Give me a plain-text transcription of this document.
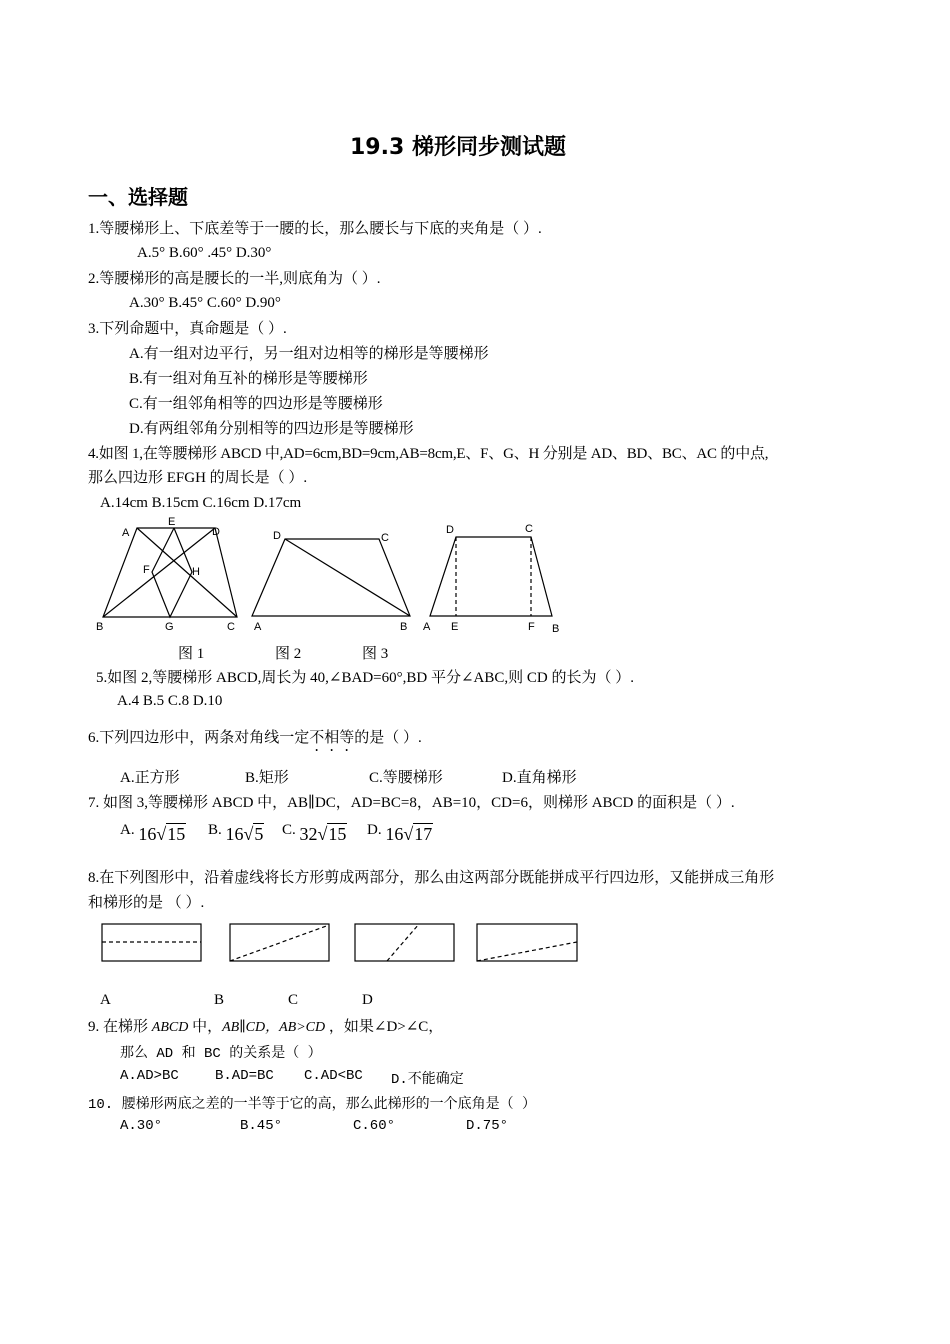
19.3 梯形同步测试题
一、选择题
1.等腰梯形上、下底差等于一腰的长，那么腰长与下底的夹角是（ ）.
A.5° B.60° .45° D.30°
2.等腰梯形的高是腰长的一半,则底角为（ ）.
A.30° B.45° C.60° D.90°
3.下列命题中，真命题是（ ）.
A.有一组对边平行，另一组对边相等的梯形是等腰梯形
B.有一组对角互补的梯形是等腰梯形
C.有一组邻角相等的四边形是等腰梯形
D.有两组邻角分别相等的四边形是等腰梯形
4.如图 1,在等腰梯形 ABCD 中,AD=6cm,BD=9cm,AB=8cm,E、F、G、H 分别是 AD、BD、BC、AC 的中点,
那么四边形 EFGH 的周长是（ ）.
A.14cm B.15cm C.16cm D.17cm
A
E
D
F	H
B	G	C
D	C
A	B
D	C
A E	F B
图 1	图 2	图 3
5.如图 2,等腰梯形 ABCD,周长为 40,∠BAD=60°,BD 平分∠ABC,则 CD 的长为（ ）.
A.4 B.5 C.8 D.10
6.下列四边形中，两条对角线一定不相等的是（ ）.
A.正方形	B.矩形	C.等腰梯形	D.直角梯形
7. 如图 3,等腰梯形 ABCD 中，AB∥DC，AD=BC=8，AB=10，CD=6，则梯形 ABCD 的面积是（ ）.
A. 16√15 B. 16√5 C. 32√15 D. 16√17
8.在下列图形中，沿着虚线将长方形剪成两部分，那么由这两部分既能拼成平行四边形，又能拼成三角形
和梯形的是 （ ）.
A	B	C	D
9. 在梯形 ABCD 中，AB∥CD，AB>CD ，如果∠D>∠C，
那么 AD 和 BC 的关系是（ ）
A.AD>BC	B.AD=BC C.AD<BC D.不能确定
10. 腰梯形两底之差的一半等于它的高，那么此梯形的一个底角是（ ）
A.30°	B.45°	C.60°	D.75°
